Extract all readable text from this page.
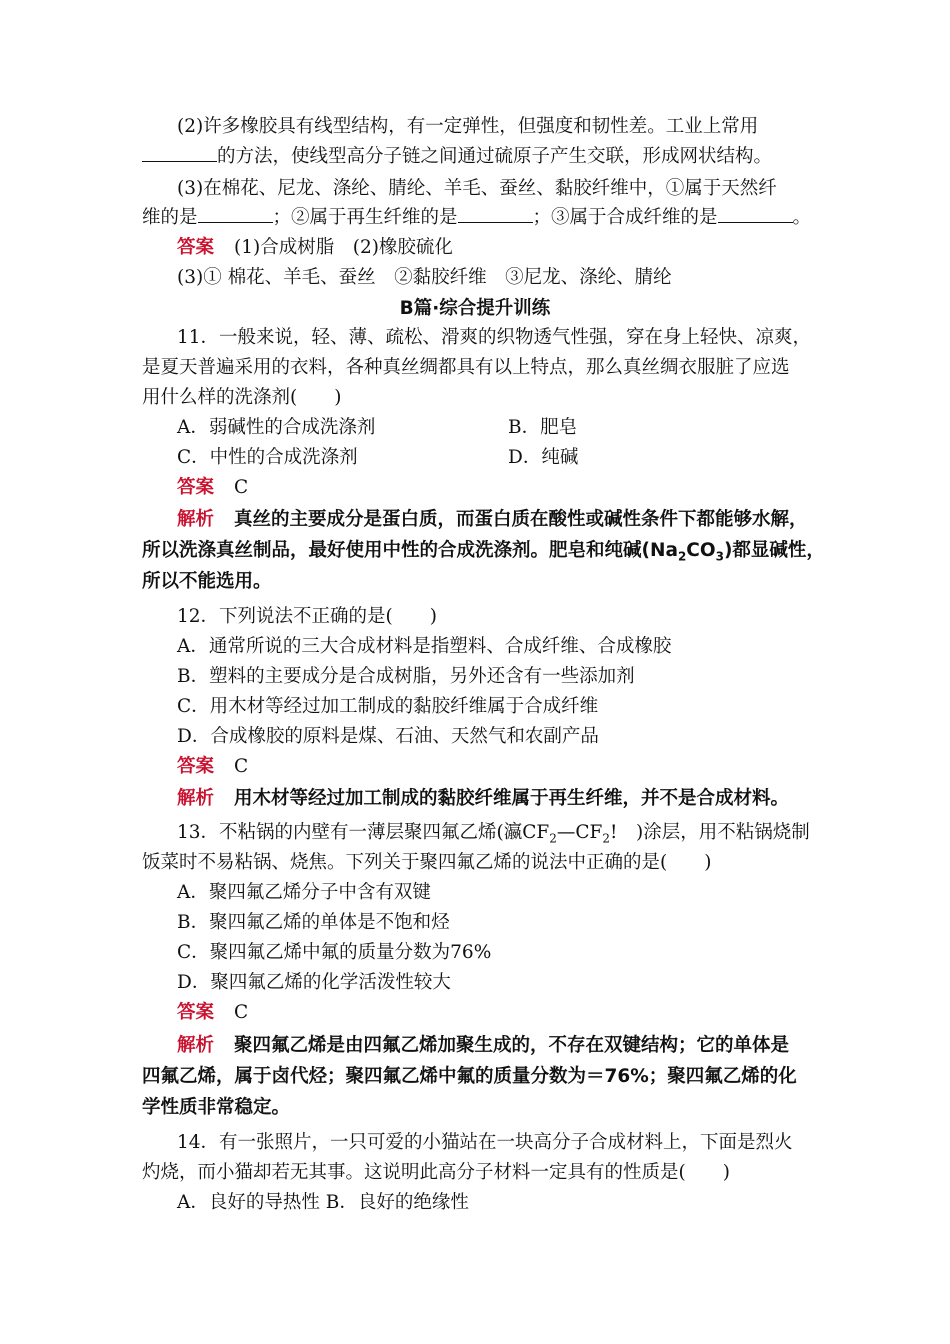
(2)许多橡胶具有线型结构，有一定弹性，但强度和韧性差。工业上常用
的方法，使线型高分子链之间通过硫原子产生交联，形成网状结构。
(3)在棉花、尼龙、涤纶、腈纶、羊毛、蚕丝、黏胶纤维中，①属于天然纤
维的是	；②属于再生纤维的是	；③属于合成纤维的是	。
答案 (1)合成树脂　(2)橡胶硫化
(3)① 棉花、羊毛、蚕丝　②黏胶纤维　③尼龙、涤纶、腈纶
B篇·综合提升训练
11．一般来说，轻、薄、疏松、滑爽的织物透气性强，穿在身上轻快、凉爽，
是夏天普遍采用的衣料，各种真丝绸都具有以上特点，那么真丝绸衣服脏了应选
用什么样的洗涤剂(　　)
A．弱碱性的合成洗涤剂	B．肥皂
C．中性的合成洗涤剂	D．纯碱
答案 C
解析 真丝的主要成分是蛋白质，而蛋白质在酸性或碱性条件下都能够水解，
所以洗涤真丝制品，最好使用中性的合成洗涤剂。肥皂和纯碱$(Na_2CO_3)$都显碱性，
所以不能选用。
12．下列说法不正确的是(　　)
A．通常所说的三大合成材料是指塑料、合成纤维、合成橡胶
B．塑料的主要成分是合成树脂，另外还含有一些添加剂
C．用木材等经过加工制成的黏胶纤维属于合成纤维
D．合成橡胶的原料是煤、石油、天然气和农副产品
答案 C
解析 用木材等经过加工制成的黏胶纤维属于再生纤维，并不是合成材料。
13．不粘锅的内壁有一薄层聚四氟乙烯(瀛$CF_2—CF_2$!　)涂层，用不粘锅烧制
饭菜时不易粘锅、烧焦。下列关于聚四氟乙烯的说法中正确的是(　　)
A．聚四氟乙烯分子中含有双键
B．聚四氟乙烯的单体是不饱和烃
C．聚四氟乙烯中氟的质量分数为76%
D．聚四氟乙烯的化学活泼性较大
答案 C
解析 聚四氟乙烯是由四氟乙烯加聚生成的，不存在双键结构；它的单体是
四氟乙烯，属于卤代烃；聚四氟乙烯中氟的质量分数为＝76%；聚四氟乙烯的化
学性质非常稳定。
14．有一张照片，一只可爱的小猫站在一块高分子合成材料上，下面是烈火
灼烧，而小猫却若无其事。这说明此高分子材料一定具有的性质是(　　)
A．良好的导热性 B．良好的绝缘性
